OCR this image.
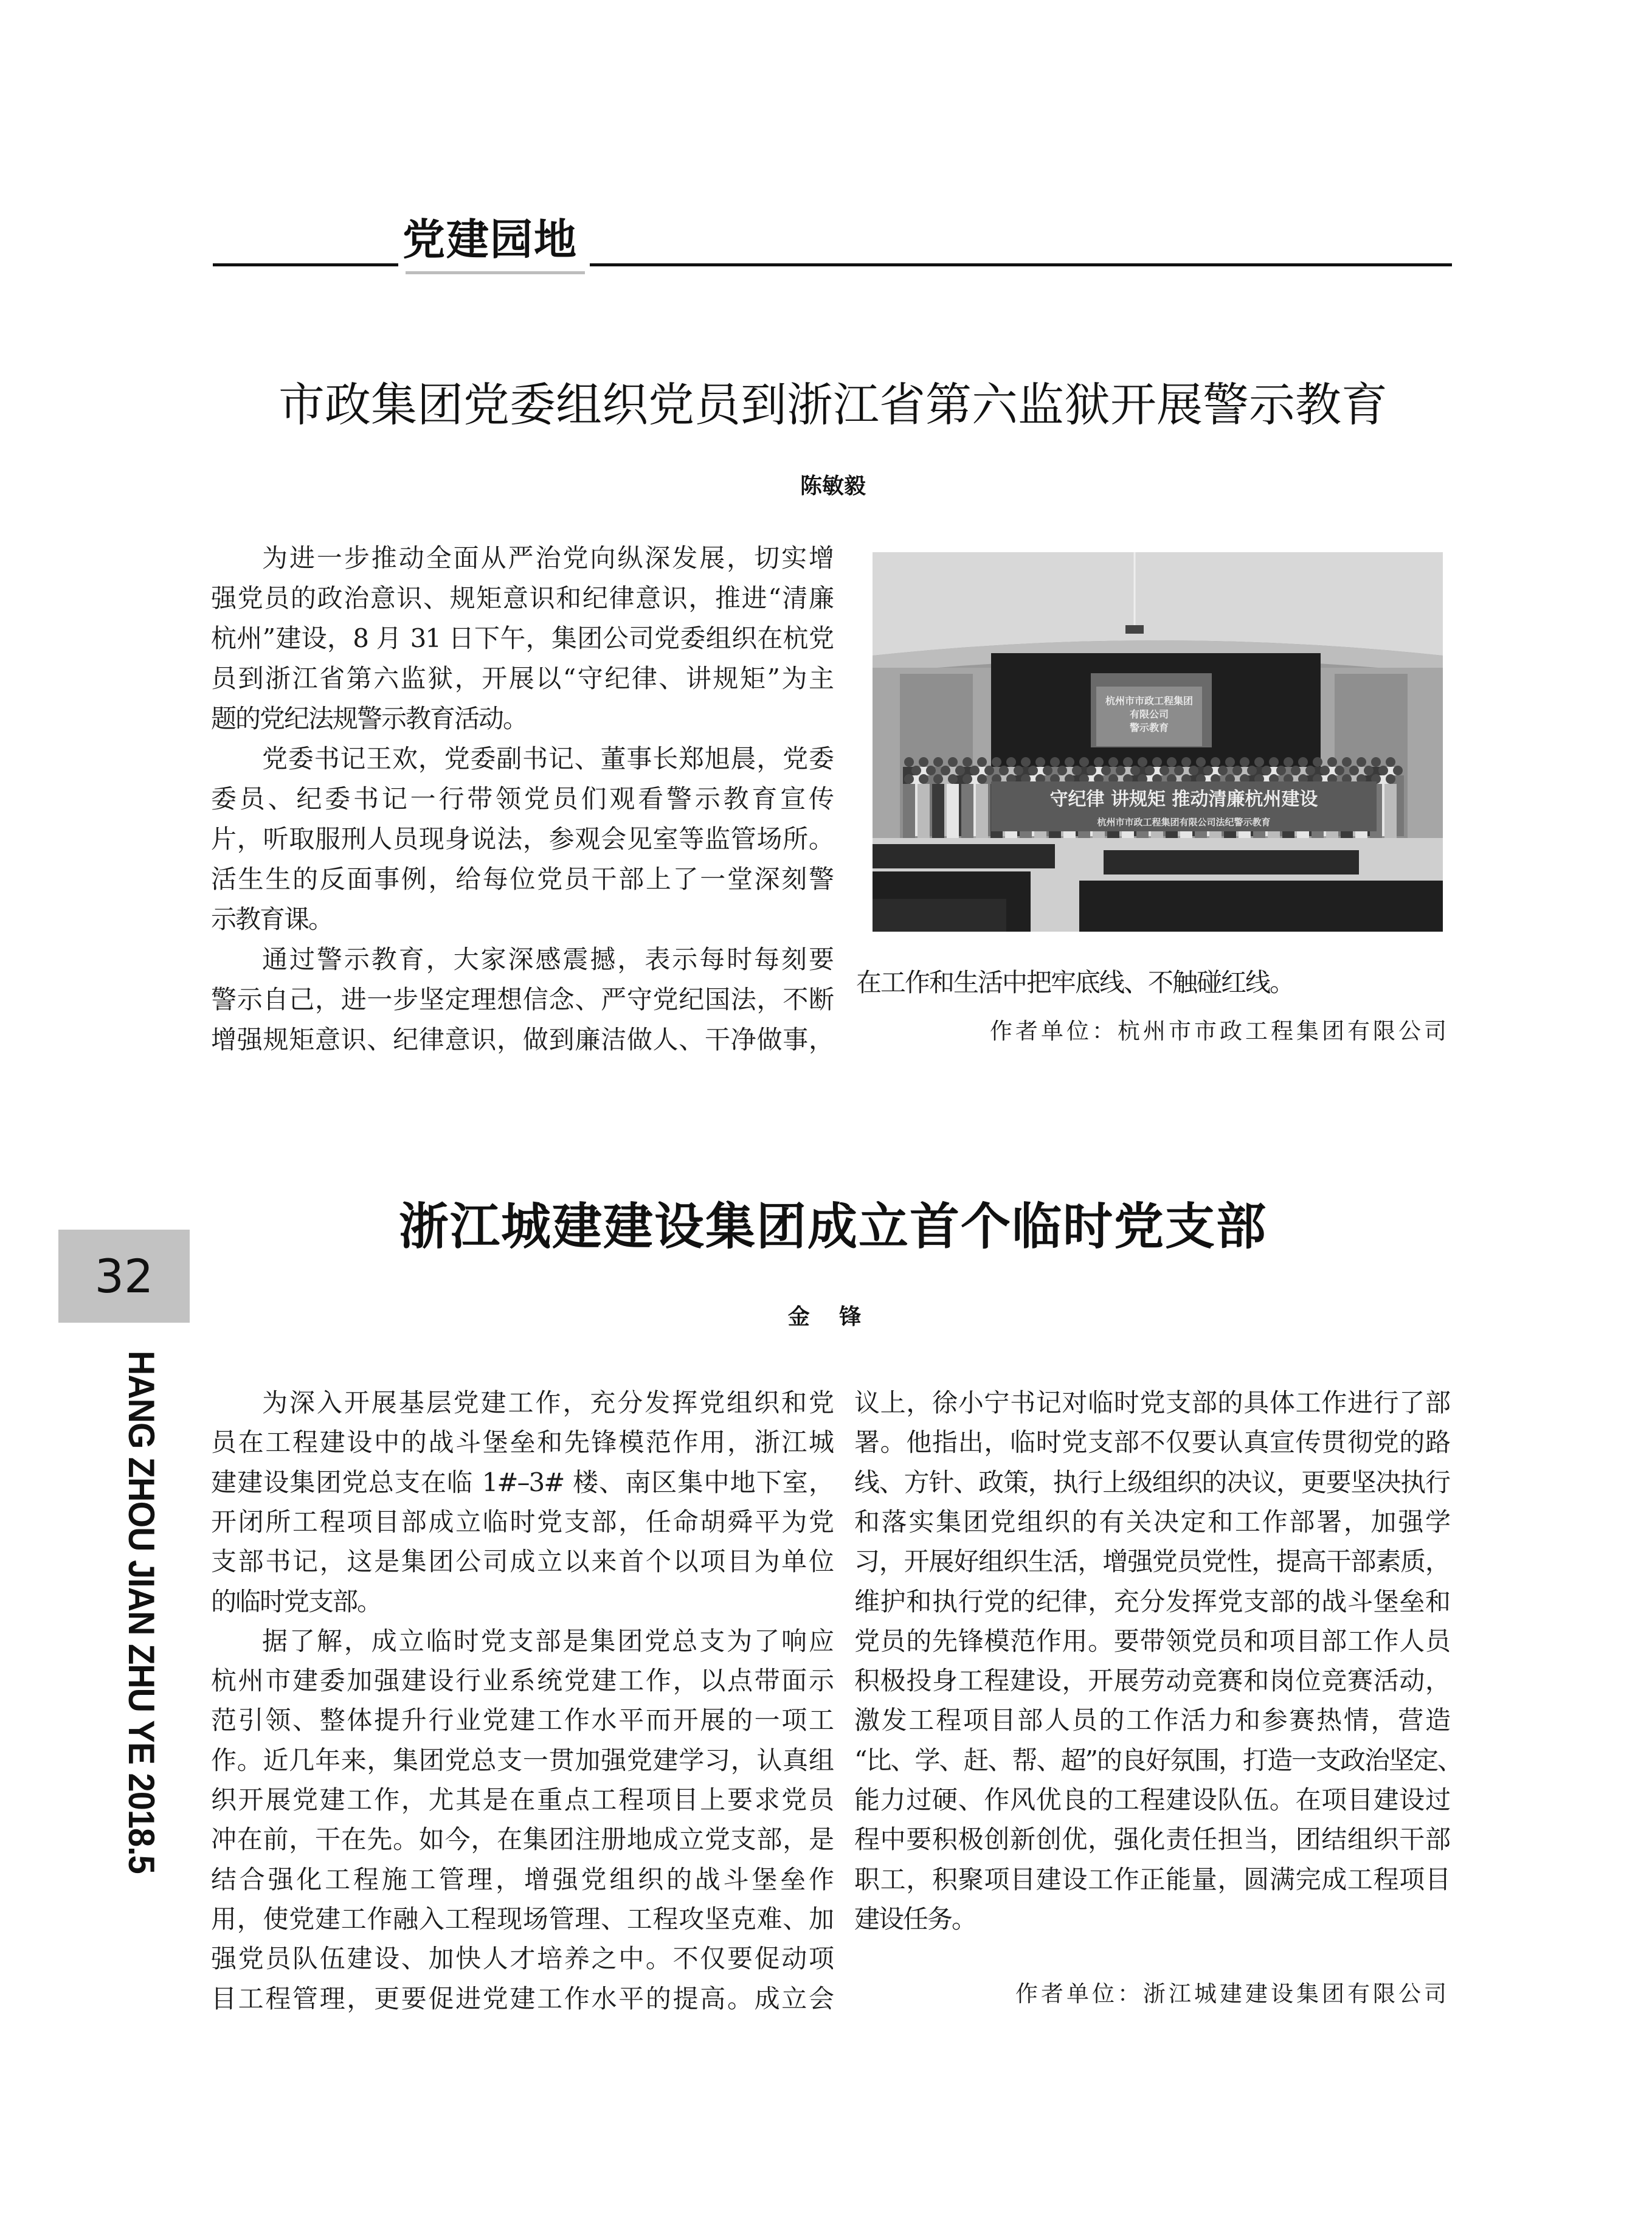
党建园地
市政集团党委组织党员到浙江省第六监狱开展警示教育
陈敏毅
为进一步推动全面从严治党向纵深发展，切实增
强党员的政治意识、规矩意识和纪律意识，推进“清廉
杭州”建设，8 月 31 日下午，集团公司党委组织在杭党
员到浙江省第六监狱，开展以“守纪律、讲规矩”为主
题的党纪法规警示教育活动。
党委书记王欢，党委副书记、董事长郑旭晨，党委
委员、纪委书记一行带领党员们观看警示教育宣传
片，听取服刑人员现身说法，参观会见室等监管场所。
活生生的反面事例，给每位党员干部上了一堂深刻警
示教育课。
通过警示教育，大家深感震撼，表示每时每刻要
警示自己，进一步坚定理想信念、严守党纪国法，不断
增强规矩意识、纪律意识，做到廉洁做人、干净做事，
在工作和生活中把牢底线、不触碰红线。
杭州市市政工程集团
有限公司
警示教育
守纪律 讲规矩 推动清廉杭州建设
杭州市市政工程集团有限公司法纪警示教育
作者单位：杭州市市政工程集团有限公司
浙江城建建设集团成立首个临时党支部
金 锋
为深入开展基层党建工作，充分发挥党组织和党
员在工程建设中的战斗堡垒和先锋模范作用，浙江城
建建设集团党总支在临 1#–3# 楼、南区集中地下室，
开闭所工程项目部成立临时党支部，任命胡舜平为党
支部书记，这是集团公司成立以来首个以项目为单位
的临时党支部。
据了解，成立临时党支部是集团党总支为了响应
杭州市建委加强建设行业系统党建工作，以点带面示
范引领、整体提升行业党建工作水平而开展的一项工
作。近几年来，集团党总支一贯加强党建学习，认真组
织开展党建工作，尤其是在重点工程项目上要求党员
冲在前，干在先。如今，在集团注册地成立党支部，是
结合强化工程施工管理，增强党组织的战斗堡垒作
用，使党建工作融入工程现场管理、工程攻坚克难、加
强党员队伍建设、加快人才培养之中。不仅要促动项
目工程管理，更要促进党建工作水平的提高。成立会
议上，徐小宁书记对临时党支部的具体工作进行了部
署。他指出，临时党支部不仅要认真宣传贯彻党的路
线、方针、政策，执行上级组织的决议，更要坚决执行
和落实集团党组织的有关决定和工作部署，加强学
习，开展好组织生活，增强党员党性，提高干部素质，
维护和执行党的纪律，充分发挥党支部的战斗堡垒和
党员的先锋模范作用。要带领党员和项目部工作人员
积极投身工程建设，开展劳动竞赛和岗位竞赛活动，
激发工程项目部人员的工作活力和参赛热情，营造
“比、学、赶、帮、超”的良好氛围，打造一支政治坚定、
能力过硬、作风优良的工程建设队伍。在项目建设过
程中要积极创新创优，强化责任担当，团结组织干部
职工，积聚项目建设工作正能量，圆满完成工程项目
建设任务。
作者单位：浙江城建建设集团有限公司
32
HANG ZHOU JIAN ZHU YE 2018.5
